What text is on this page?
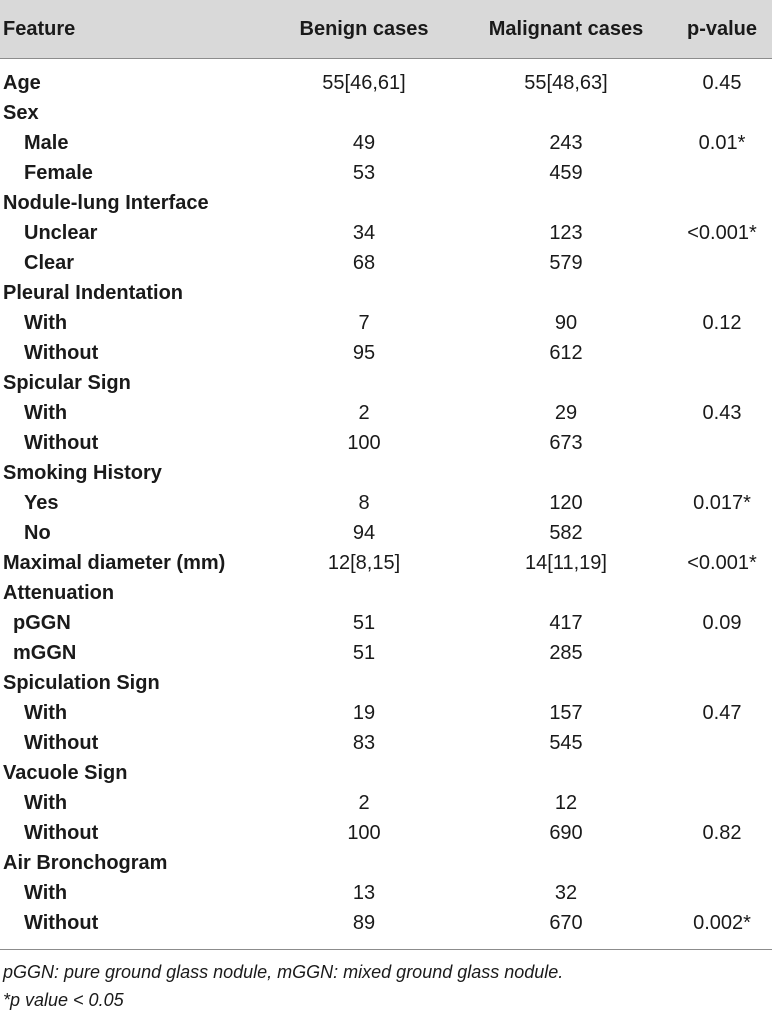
Feature	Benign cases	Malignant cases	p-value
Age	55[46,61]	55[48,63]	0.45
Sex
Male	49	243	0.01*
Female	53	459
Nodule-lung Interface
Unclear	34	123	<0.001*
Clear	68	579
Pleural Indentation
With	7	90	0.12
Without	95	612
Spicular Sign
With	2	29	0.43
Without	100	673
Smoking History
Yes	8	120	0.017*
No	94	582
Maximal diameter (mm)	12[8,15]	14[11,19]	<0.001*
Attenuation
pGGN	51	417	0.09
mGGN	51	285
Spiculation Sign
With	19	157	0.47
Without	83	545
Vacuole Sign
With	2	12
Without	100	690	0.82
Air Bronchogram
With	13	32
Without	89	670	0.002*
pGGN: pure ground glass nodule, mGGN: mixed ground glass nodule.
*p value < 0.05
